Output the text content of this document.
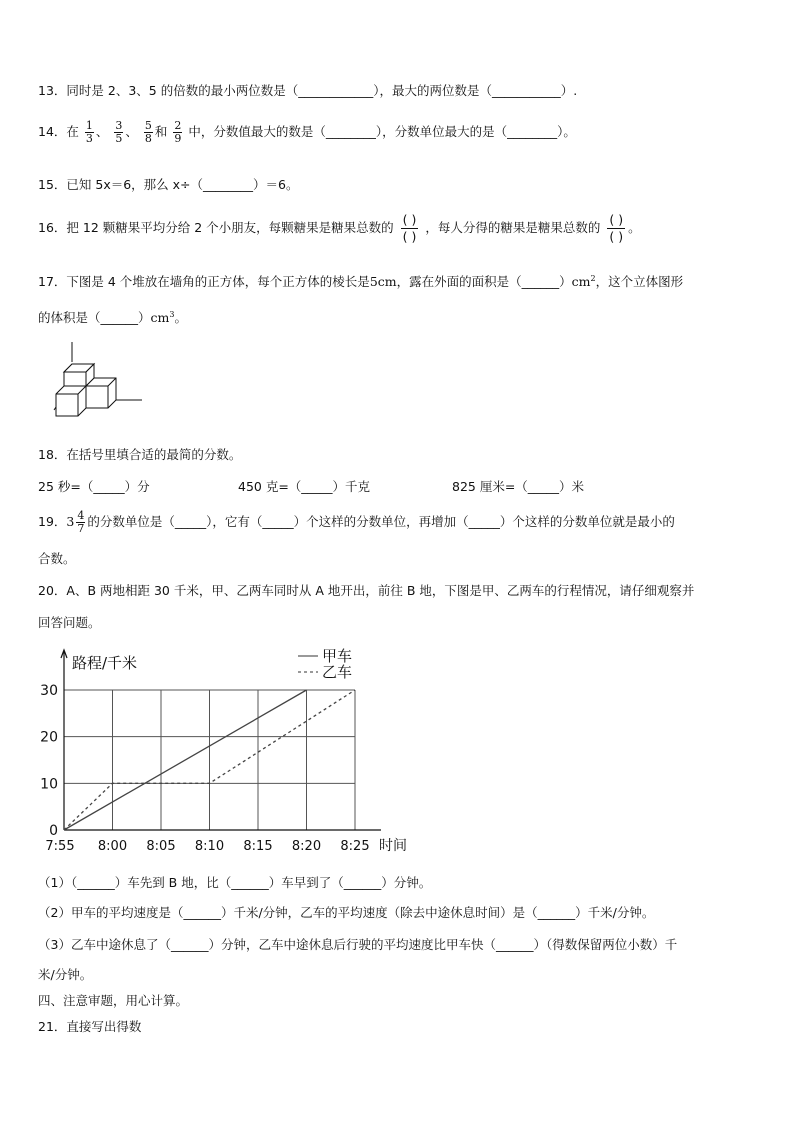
13．同时是 2、3、5 的倍数的最小两位数是（____________），最大的两位数是（___________）.
14．在 $\frac{1}{3}$ 、 $\frac{3}{5}$ 、 $\frac{5}{8}$ 和 $\frac{2}{9}$ 中，分数值最大的数是（________），分数单位最大的是（________）。
15．已知 5x＝6，那么 x÷（________）＝6。
16．把 12 颗糖果平均分给 2 个小朋友，每颗糖果是糖果总数的 $\frac{( )}{( )}$ ，每人分得的糖果是糖果总数的 $\frac{( )}{( )}$ 。
17．下图是 4 个堆放在墙角的正方体，每个正方体的棱长是5cm，露在外面的面积是$(\_\_\_\_\_\_)cm^2$，这个立体图形
的体积是$(\_\_\_\_\_\_)cm^3$。
18．在括号里填合适的最简的分数。
25 秒=（_____）分	450 克=（_____）千克	825 厘米=（_____）米
19．$3 \frac{4}{7}$ 的分数单位是（_____），它有（_____）个这样的分数单位，再增加（_____）个这样的分数单位就是最小的
合数。
20．A、B 两地相距 30 千米，甲、乙两车同时从 A 地开出，前往 B 地，下图是甲、乙两车的行程情况，请仔细观察并
回答问题。
0
10
20
30
7:55 8:00 8:05 8:10 8:15 8:20 8:25
路程/千米
时间
甲车
乙车
（1）（______）车先到 B 地，比（______）车早到了（______）分钟。
（2）甲车的平均速度是（______）千米/分钟，乙车的平均速度（除去中途休息时间）是（______）千米/分钟。
（3）乙车中途休息了（______）分钟，乙车中途休息后行驶的平均速度比甲车快（______）（得数保留两位小数）千
米/分钟。
四、注意审题，用心计算。
21．直接写出得数
